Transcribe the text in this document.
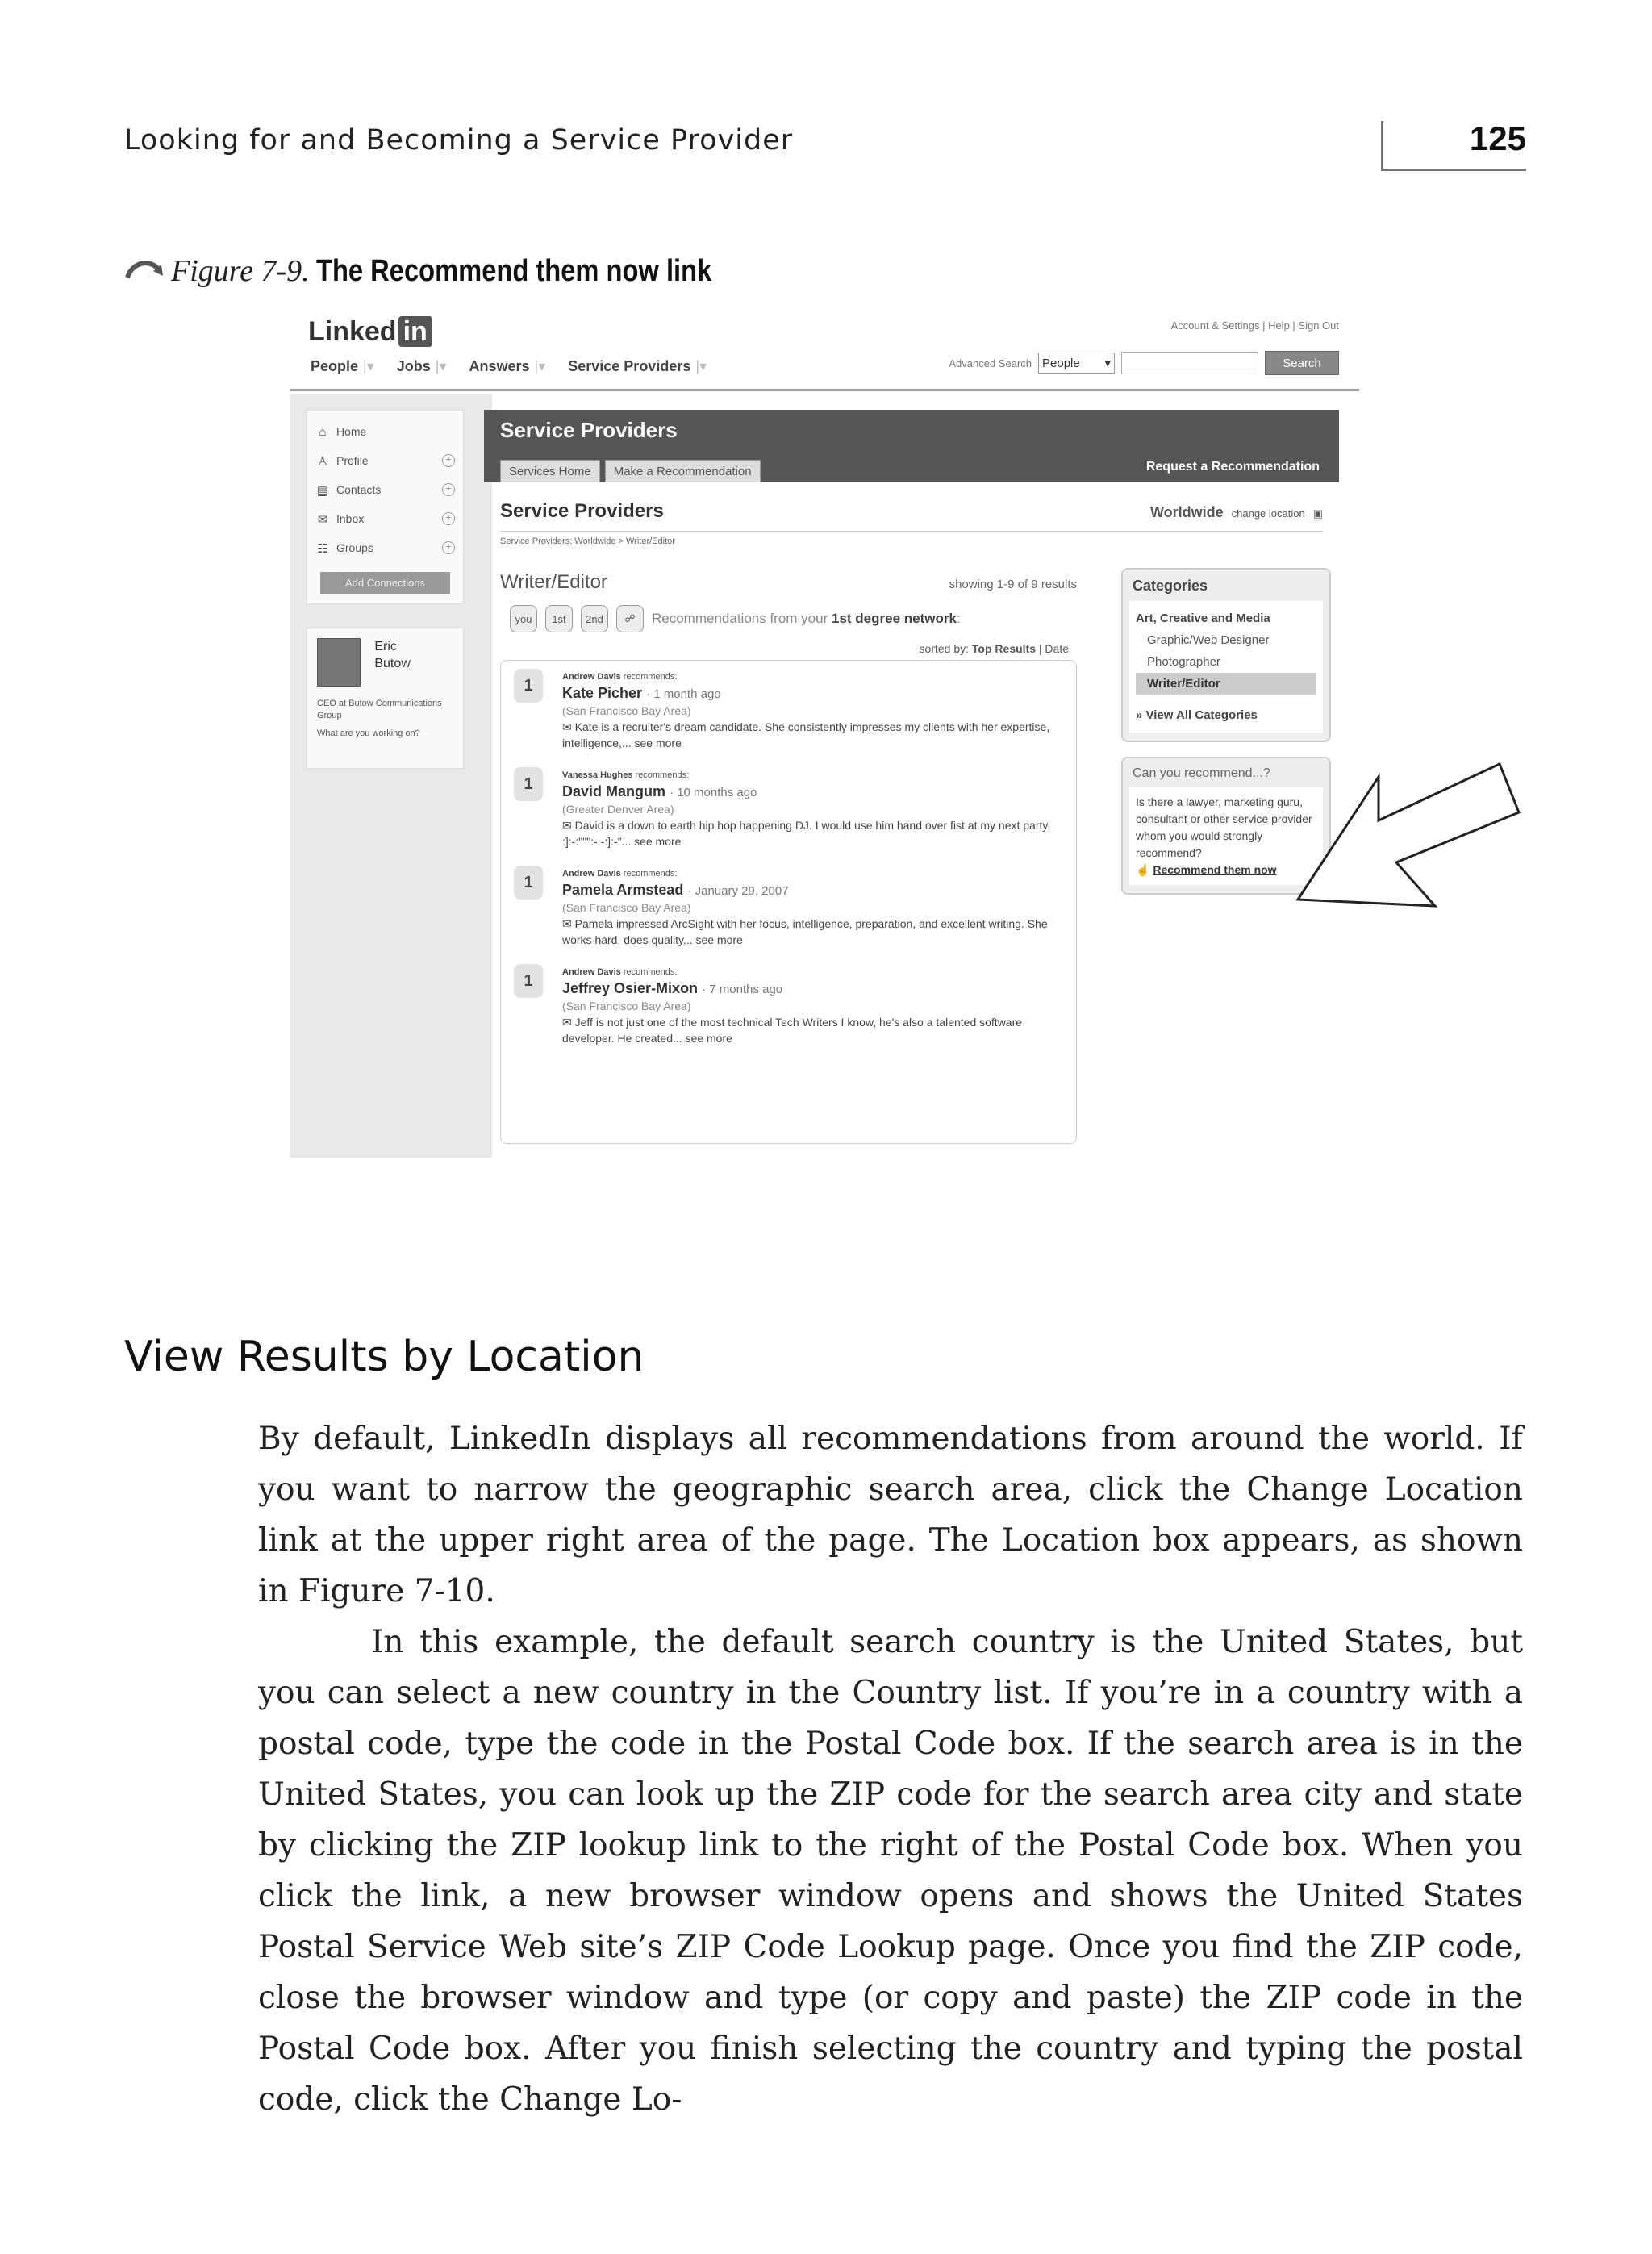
Looking for and Becoming a Service Provider	125
Figure 7-9. The Recommend them now link
Linked in	Account & Settings | Help | Sign Out
People |▾ Jobs |▾ Answers |▾ Service Providers |▾	Advanced Search People ▾	Search
⌂ Home
♙ Profile	+
▤ Contacts	+
✉ Inbox	+
☷ Groups	+
Add Connections

Eric
Butow
CEO at Butow Communications Group
What are you working on?
Service Providers
Services Home	Make a Recommendation	Request a Recommendation
Service Providers	Worldwide change location ▣
Service Providers: Worldwide > Writer/Editor
Writer/Editor	showing 1-9 of 9 results
you	1st	2nd	☍	Recommendations from your 1st degree network:
sorted by: Top Results | Date
1	Andrew Davis recommends:
Kate Picher · 1 month ago
(San Francisco Bay Area)
✉ Kate is a recruiter's dream candidate. She consistently impresses my clients with her expertise, intelligence,... see more
1	Vanessa Hughes recommends:
David Mangum · 10 months ago
(Greater Denver Area)
✉ David is a down to earth hip hop happening DJ. I would use him hand over fist at my next party. :]:-:""":-.-:]:-"... see more
1	Andrew Davis recommends:
Pamela Armstead · January 29, 2007
(San Francisco Bay Area)
✉ Pamela impressed ArcSight with her focus, intelligence, preparation, and excellent writing. She works hard, does quality... see more
1	Andrew Davis recommends:
Jeffrey Osier-Mixon · 7 months ago
(San Francisco Bay Area)
✉ Jeff is not just one of the most technical Tech Writers I know, he's also a talented software developer. He created... see more
Categories
Art, Creative and Media
Graphic/Web Designer
Photographer
Writer/Editor
» View All Categories
Can you recommend...?
Is there a lawyer, marketing guru, consultant or other service provider whom you would strongly recommend?
☝ Recommend them now
View Results by Location

By default, LinkedIn displays all recommendations from around the world. If you want to narrow the geographic search area, click the Change Location link at the upper right area of the page. The Location box appears, as shown in Figure 7-10.

In this example, the default search country is the United States, but you can select a new country in the Country list. If you’re in a country with a postal code, type the code in the Postal Code box. If the search area is in the United States, you can look up the ZIP code for the search area city and state by clicking the ZIP lookup link to the right of the Postal Code box. When you click the link, a new browser window opens and shows the United States Postal Service Web site’s ZIP Code Lookup page. Once you find the ZIP code, close the browser window and type (or copy and paste) the ZIP code in the Postal Code box. After you finish selecting the country and typing the postal code, click the Change Lo-
